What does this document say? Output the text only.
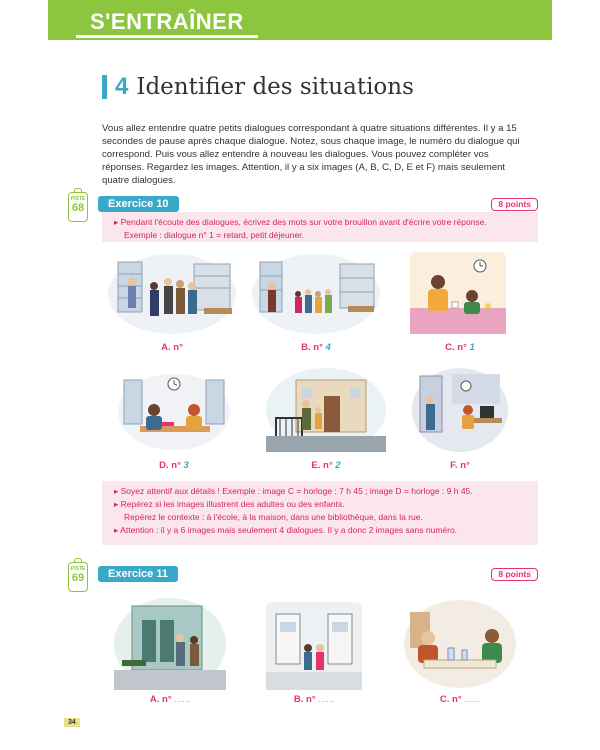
S'ENTRAÎNER
4 Identifier des situations

Vous allez entendre quatre petits dialogues correspondant à quatre situations différentes. Il y a 15 secondes de pause après chaque dialogue. Notez, sous chaque image, le numéro du dialogue qui correspond. Puis vous allez entendre à nouveau les dialogues. Vous pouvez compléter vos réponses. Regardez les images. Attention, il y a six images (A, B, C, D, E et F) mais seulement quatre dialogues.

PISTE
68	Exercice 10	8 points
▸ Pendant l'écoute des dialogues, écrivez des mots sur votre brouillon avant d'écrire votre réponse.
Exemple : dialogue n° 1 = retard, petit déjeuner.
A. n°	B. n° 4	C. n° 1
D. n° 3	E. n° 2	F. n°
▸ Soyez attentif aux détails ! Exemple : image C = horloge : 7 h 45 ; image D = horloge : 9 h 45.
▸ Repérez si les images illustrent des adultes ou des enfants.
Repérez le contexte : à l'école, à la maison, dans une bibliothèque, dans la rue.
▸ Attention : il y a 6 images mais seulement 4 dialogues. Il y a donc 2 images sans numéro.
PISTE
69	Exercice 11	8 points
A. n° ......	B. n° ......	C. n° ......
34
